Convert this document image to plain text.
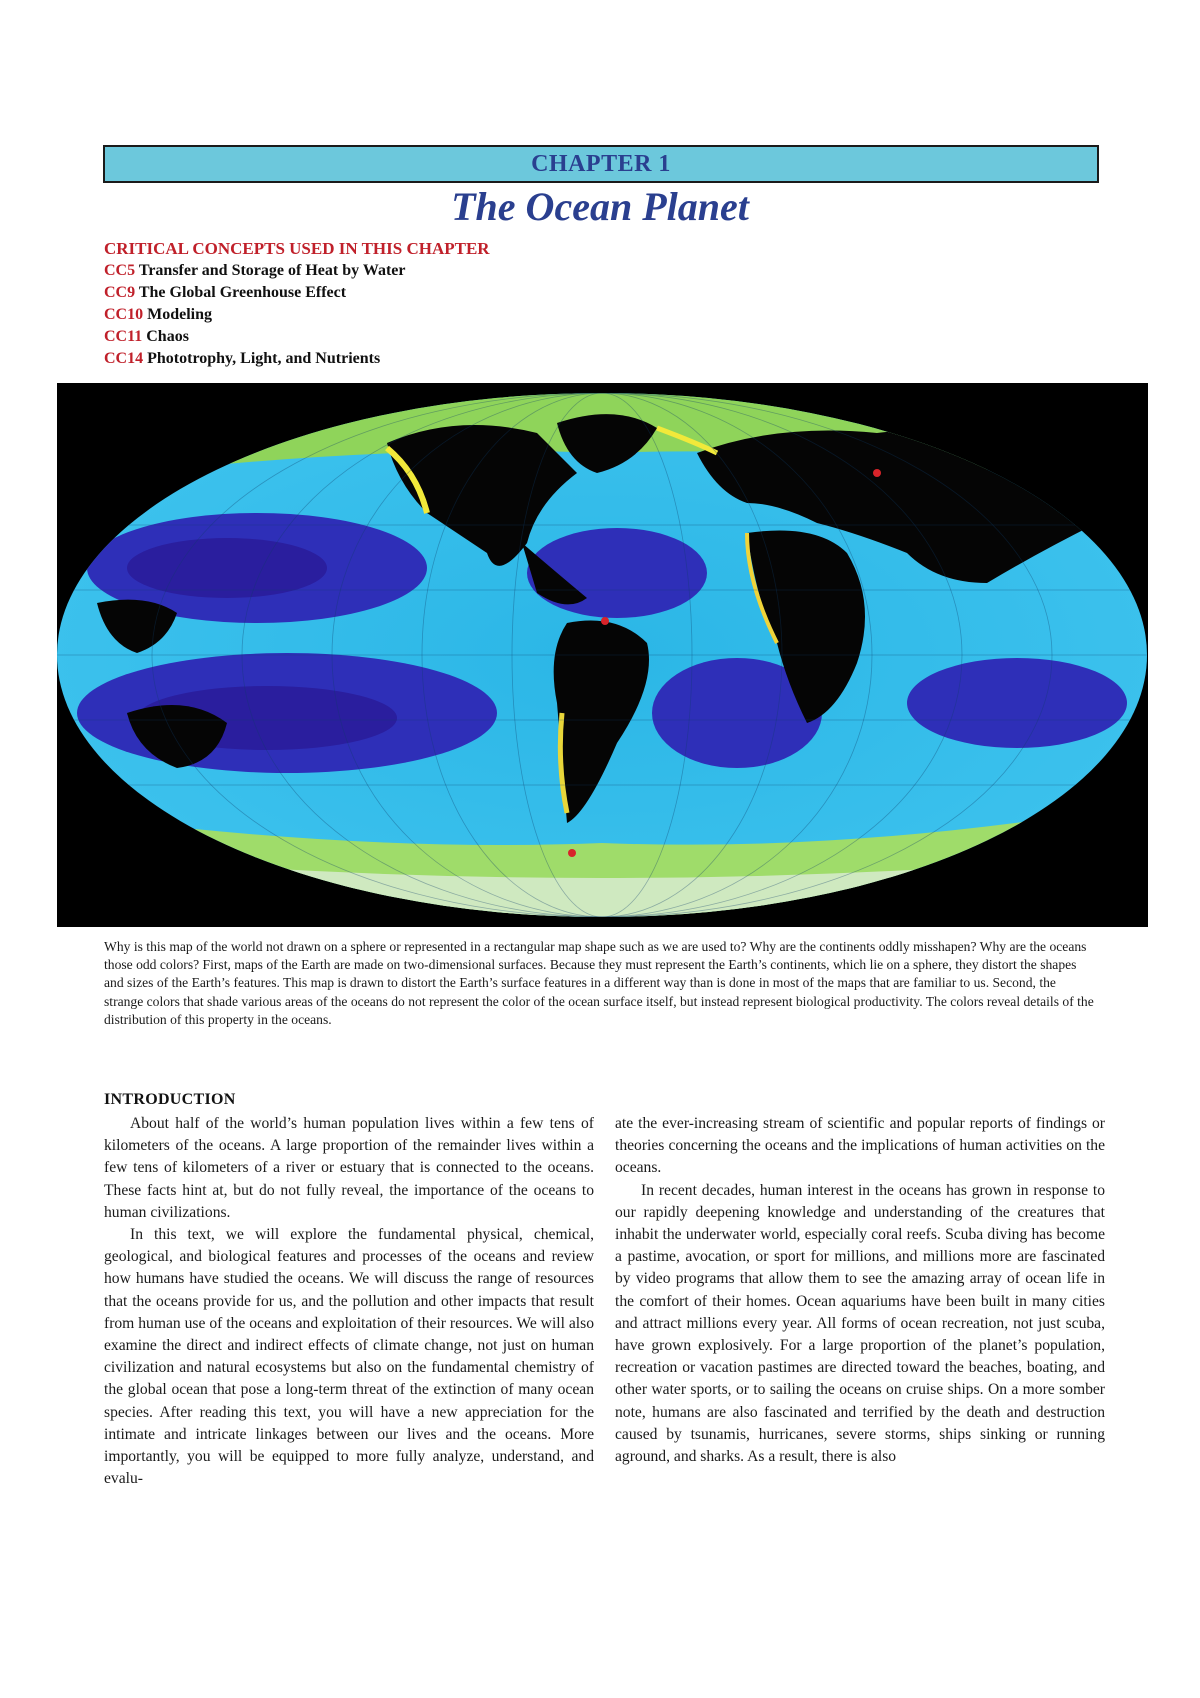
CHAPTER 1
The Ocean Planet
CRITICAL CONCEPTS USED IN THIS CHAPTER
CC5 Transfer and Storage of Heat by Water
CC9 The Global Greenhouse Effect
CC10 Modeling
CC11 Chaos
CC14 Phototrophy, Light, and Nutrients
Why is this map of the world not drawn on a sphere or represented in a rectangular map shape such as we are used to? Why are the continents oddly misshapen? Why are the oceans those odd colors? First, maps of the Earth are made on two-dimensional surfaces. Because they must represent the Earth’s continents, which lie on a sphere, they distort the shapes and sizes of the Earth’s features. This map is drawn to distort the Earth’s surface features in a different way than is done in most of the maps that are familiar to us. Second, the strange colors that shade various areas of the oceans do not represent the color of the ocean surface itself, but instead represent biological productivity. The colors reveal details of the distribution of this property in the oceans.
INTRODUCTION

About half of the world’s human population lives within a few tens of kilometers of the oceans. A large proportion of the remainder lives within a few tens of kilometers of a river or estuary that is connected to the oceans. These facts hint at, but do not fully reveal, the importance of the oceans to human civilizations.

In this text, we will explore the fundamental physical, chemical, geological, and biological features and processes of the oceans and review how humans have studied the oceans. We will discuss the range of resources that the oceans provide for us, and the pollution and other impacts that result from human use of the oceans and exploitation of their resources. We will also examine the direct and indirect effects of climate change, not just on human civilization and natural ecosystems but also on the fundamental chemistry of the global ocean that pose a long-term threat of the extinction of many ocean species. After reading this text, you will have a new appreciation for the intimate and intricate linkages between our lives and the oceans. More importantly, you will be equipped to more fully analyze, understand, and evalu-

ate the ever-increasing stream of scientific and popular reports of findings or theories concerning the oceans and the implications of human activities on the oceans.

In recent decades, human interest in the oceans has grown in response to our rapidly deepening knowledge and understanding of the creatures that inhabit the underwater world, especially coral reefs. Scuba diving has become a pastime, avocation, or sport for millions, and millions more are fascinated by video programs that allow them to see the amazing array of ocean life in the comfort of their homes. Ocean aquariums have been built in many cities and attract millions every year. All forms of ocean recreation, not just scuba, have grown explosively. For a large proportion of the planet’s population, recreation or vacation pastimes are directed toward the beaches, boating, and other water sports, or to sailing the oceans on cruise ships. On a more somber note, humans are also fascinated and terrified by the death and destruction caused by tsunamis, hurricanes, severe storms, ships sinking or running aground, and sharks. As a result, there is also
